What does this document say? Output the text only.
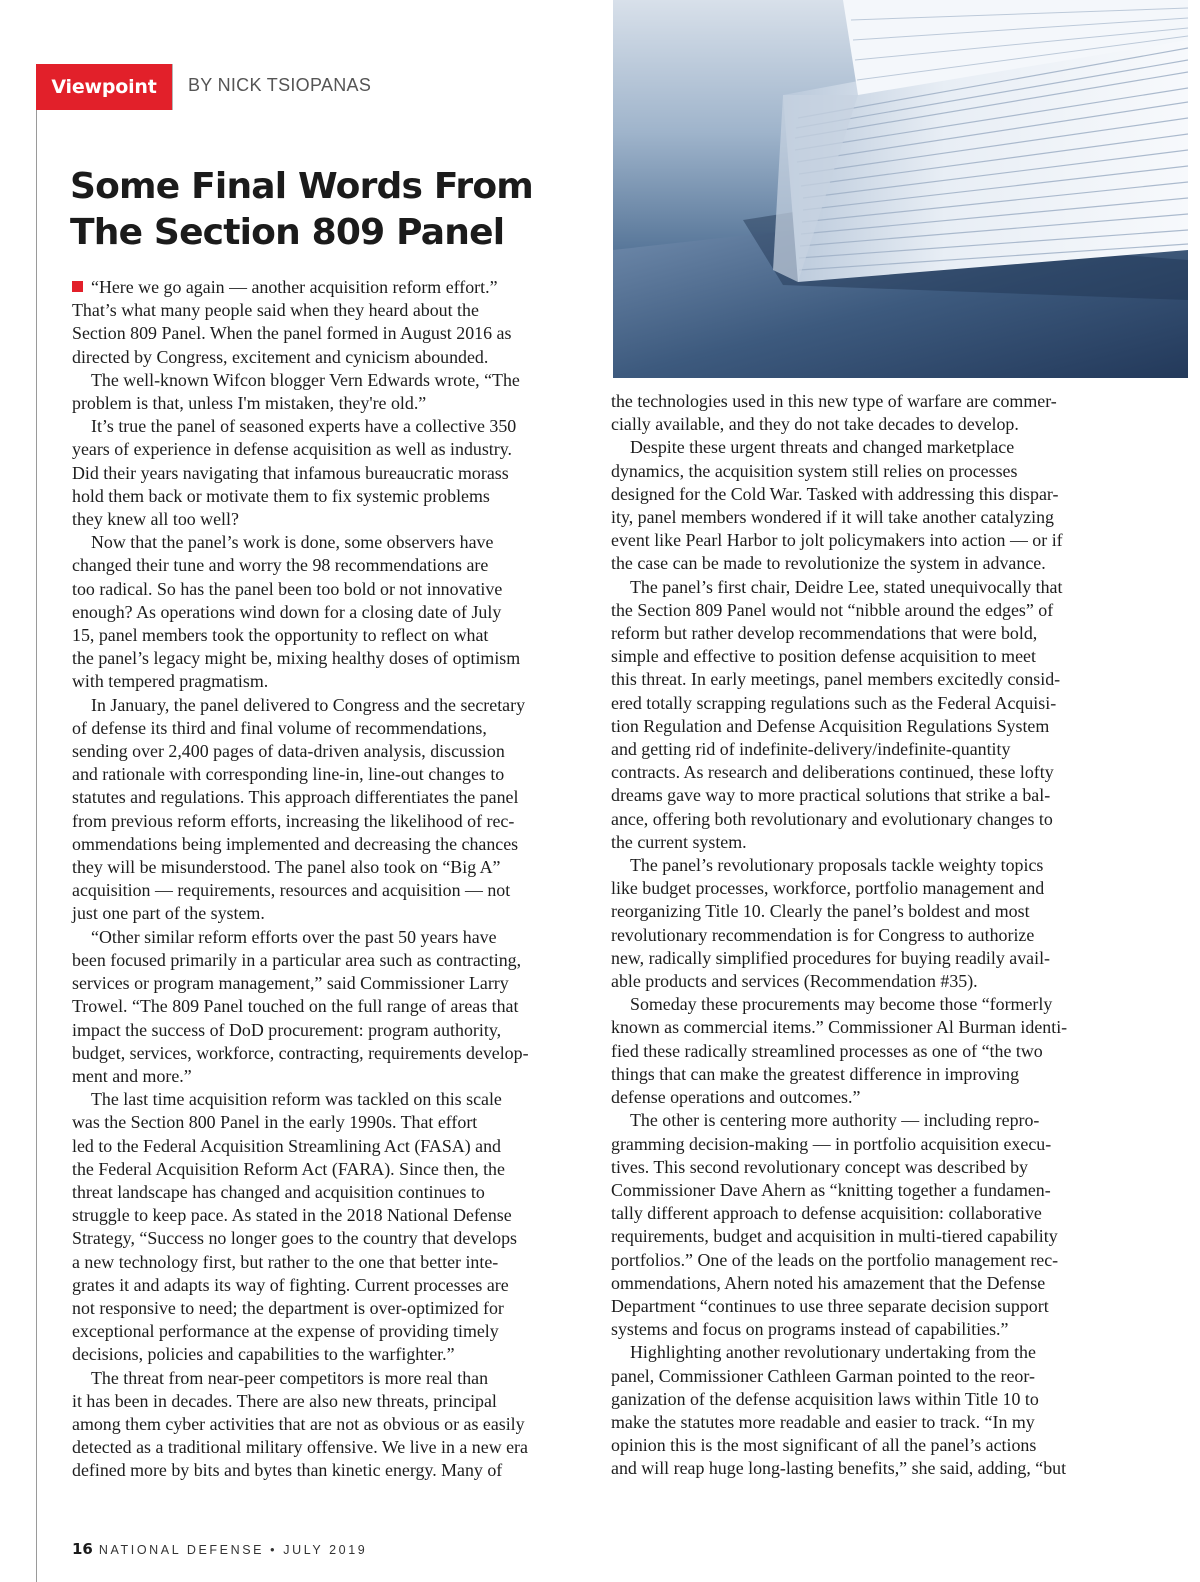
Viewpoint	BY NICK TSIOPANAS
Some Final Words From
The Section 809 Panel
“Here we go again — another acquisition reform effort.”
That’s what many people said when they heard about the
Section 809 Panel. When the panel formed in August 2016 as
directed by Congress, excitement and cynicism abounded.
The well-known Wifcon blogger Vern Edwards wrote, “The
problem is that, unless I'm mistaken, they're old.”
It’s true the panel of seasoned experts have a collective 350
years of experience in defense acquisition as well as industry.
Did their years navigating that infamous bureaucratic morass
hold them back or motivate them to fix systemic problems
they knew all too well?
Now that the panel’s work is done, some observers have
changed their tune and worry the 98 recommendations are
too radical. So has the panel been too bold or not innovative
enough? As operations wind down for a closing date of July
15, panel members took the opportunity to reflect on what
the panel’s legacy might be, mixing healthy doses of optimism
with tempered pragmatism.
In January, the panel delivered to Congress and the secretary
of defense its third and final volume of recommendations,
sending over 2,400 pages of data-driven analysis, discussion
and rationale with corresponding line-in, line-out changes to
statutes and regulations. This approach differentiates the panel
from previous reform efforts, increasing the likelihood of rec-
ommendations being implemented and decreasing the chances
they will be misunderstood. The panel also took on “Big A”
acquisition — requirements, resources and acquisition — not
just one part of the system.
“Other similar reform efforts over the past 50 years have
been focused primarily in a particular area such as contracting,
services or program management,” said Commissioner Larry
Trowel. “The 809 Panel touched on the full range of areas that
impact the success of DoD procurement: program authority,
budget, services, workforce, contracting, requirements develop-
ment and more.”
The last time acquisition reform was tackled on this scale
was the Section 800 Panel in the early 1990s. That effort
led to the Federal Acquisition Streamlining Act (FASA) and
the Federal Acquisition Reform Act (FARA). Since then, the
threat landscape has changed and acquisition continues to
struggle to keep pace. As stated in the 2018 National Defense
Strategy, “Success no longer goes to the country that develops
a new technology first, but rather to the one that better inte-
grates it and adapts its way of fighting. Current processes are
not responsive to need; the department is over-optimized for
exceptional performance at the expense of providing timely
decisions, policies and capabilities to the warfighter.”
The threat from near-peer competitors is more real than
it has been in decades. There are also new threats, principal
among them cyber activities that are not as obvious or as easily
detected as a traditional military offensive. We live in a new era
defined more by bits and bytes than kinetic energy. Many of
the technologies used in this new type of warfare are commer-
cially available, and they do not take decades to develop.
Despite these urgent threats and changed marketplace
dynamics, the acquisition system still relies on processes
designed for the Cold War. Tasked with addressing this dispar-
ity, panel members wondered if it will take another catalyzing
event like Pearl Harbor to jolt policymakers into action — or if
the case can be made to revolutionize the system in advance.
The panel’s first chair, Deidre Lee, stated unequivocally that
the Section 809 Panel would not “nibble around the edges” of
reform but rather develop recommendations that were bold,
simple and effective to position defense acquisition to meet
this threat. In early meetings, panel members excitedly consid-
ered totally scrapping regulations such as the Federal Acquisi-
tion Regulation and Defense Acquisition Regulations System
and getting rid of indefinite-delivery/indefinite-quantity
contracts. As research and deliberations continued, these lofty
dreams gave way to more practical solutions that strike a bal-
ance, offering both revolutionary and evolutionary changes to
the current system.
The panel’s revolutionary proposals tackle weighty topics
like budget processes, workforce, portfolio management and
reorganizing Title 10. Clearly the panel’s boldest and most
revolutionary recommendation is for Congress to authorize
new, radically simplified procedures for buying readily avail-
able products and services (Recommendation #35).
Someday these procurements may become those “formerly
known as commercial items.” Commissioner Al Burman identi-
fied these radically streamlined processes as one of “the two
things that can make the greatest difference in improving
defense operations and outcomes.”
The other is centering more authority — including repro-
gramming decision-making — in portfolio acquisition execu-
tives. This second revolutionary concept was described by
Commissioner Dave Ahern as “knitting together a fundamen-
tally different approach to defense acquisition: collaborative
requirements, budget and acquisition in multi-tiered capability
portfolios.” One of the leads on the portfolio management rec-
ommendations, Ahern noted his amazement that the Defense
Department “continues to use three separate decision support
systems and focus on programs instead of capabilities.”
Highlighting another revolutionary undertaking from the
panel, Commissioner Cathleen Garman pointed to the reor-
ganization of the defense acquisition laws within Title 10 to
make the statutes more readable and easier to track. “In my
opinion this is the most significant of all the panel’s actions
and will reap huge long-lasting benefits,” she said, adding, “but
16 NATIONAL DEFENSE • JULY 2019
